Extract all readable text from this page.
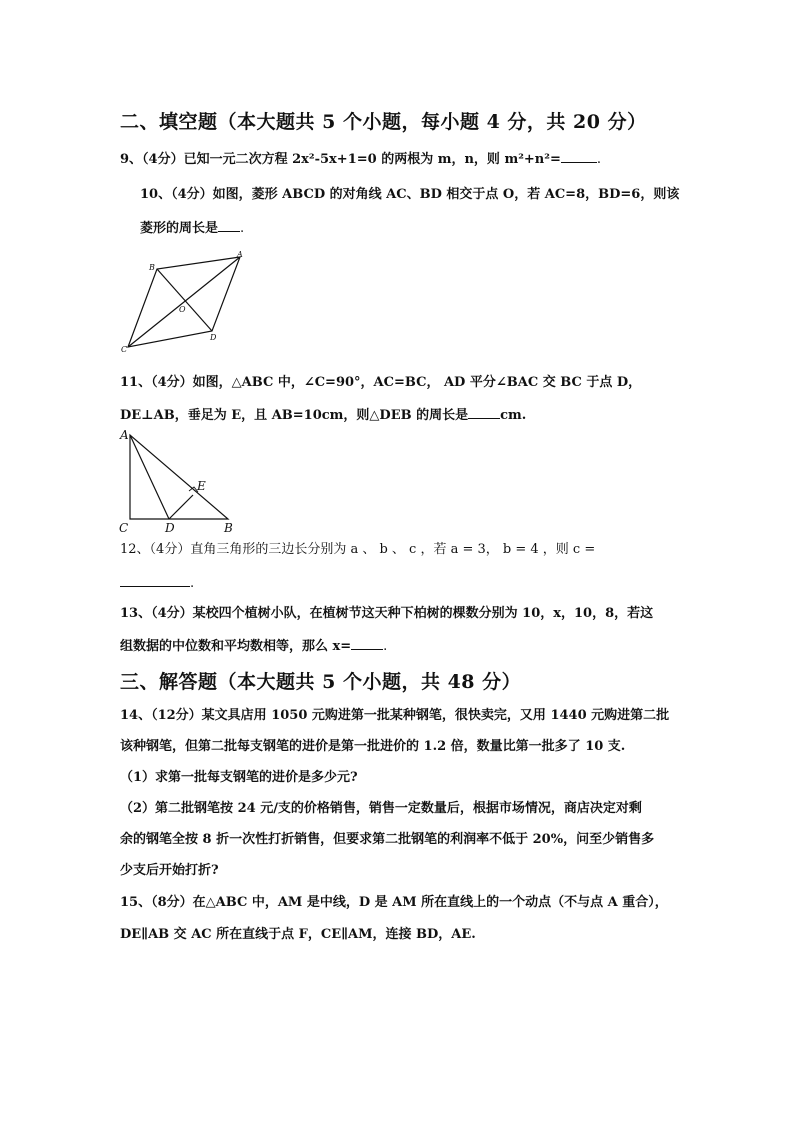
二、填空题（本大题共 5 个小题，每小题 4 分，共 20 分）
9、（4分）已知一元二次方程 2x²-5x+1=0 的两根为 m，n，则 m²+n²=	.
10、（4分）如图，菱形 ABCD 的对角线 AC、BD 相交于点 O，若 AC=8，BD=6，则该
菱形的周长是 .
A
B
C
D
O
11、（4分）如图，△ABC 中，∠C=90°，AC=BC， AD 平分∠BAC 交 BC 于点 D，
DE⊥AB，垂足为 E，且 AB=10cm，则△DEB 的周长是 cm.
A
C	D	B
E
12、（4分）直角三角形的三边长分别为 a 、 b 、 c ，若 a = 3， b = 4 ，则 c =
.
13、（4分）某校四个植树小队，在植树节这天种下柏树的棵数分别为 10，x，10，8，若这
组数据的中位数和平均数相等，那么 x= .
三、解答题（本大题共 5 个小题，共 48 分）
14、（12分）某文具店用 1050 元购进第一批某种钢笔，很快卖完，又用 1440 元购进第二批
该种钢笔，但第二批每支钢笔的进价是第一批进价的 1.2 倍，数量比第一批多了 10 支.
（1）求第一批每支钢笔的进价是多少元?
（2）第二批钢笔按 24 元/支的价格销售，销售一定数量后，根据市场情况，商店决定对剩
余的钢笔全按 8 折一次性打折销售，但要求第二批钢笔的利润率不低于 20%，问至少销售多
少支后开始打折?
15、（8分）在△ABC 中，AM 是中线，D 是 AM 所在直线上的一个动点（不与点 A 重合），
DE∥AB 交 AC 所在直线于点 F，CE∥AM，连接 BD，AE.
